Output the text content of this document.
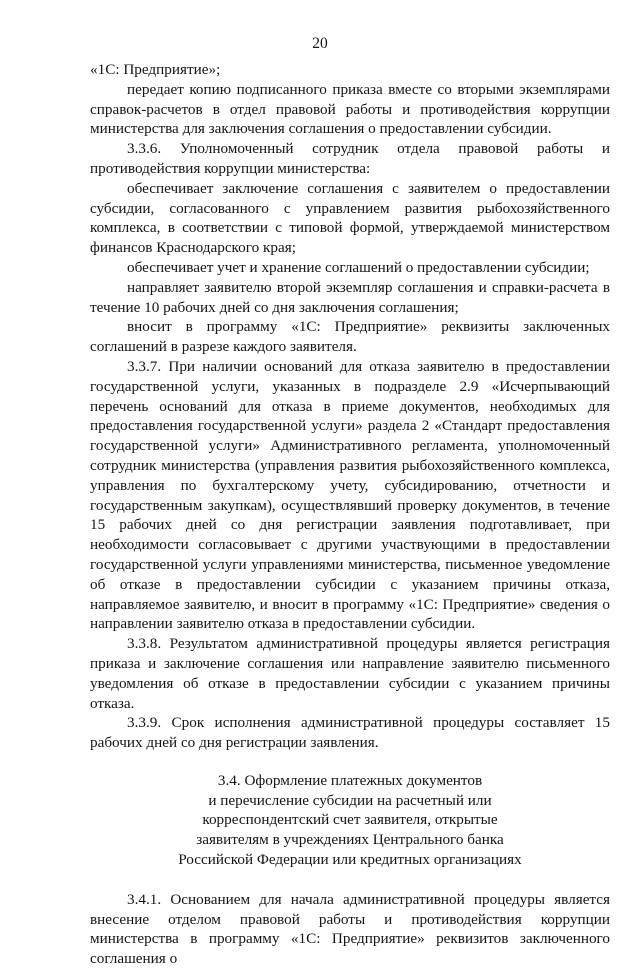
20

«1С: Предприятие»;

передает копию подписанного приказа вместе со вторыми экземплярами справок-расчетов в отдел правовой работы и противодействия коррупции министерства для заключения соглашения о предоставлении субсидии.

3.3.6. Уполномоченный сотрудник отдела правовой работы и противодействия коррупции министерства:

обеспечивает заключение соглашения с заявителем о предоставлении субсидии, согласованного с управлением развития рыбохозяйственного комплекса, в соответствии с типовой формой, утверждаемой министерством финансов Краснодарского края;

обеспечивает учет и хранение соглашений о предоставлении субсидии;

направляет заявителю второй экземпляр соглашения и справки-расчета в течение 10 рабочих дней со дня заключения соглашения;

вносит в программу «1С: Предприятие» реквизиты заключенных соглашений в разрезе каждого заявителя.

3.3.7. При наличии оснований для отказа заявителю в предоставлении государственной услуги, указанных в подразделе 2.9 «Исчерпывающий перечень оснований для отказа в приеме документов, необходимых для предоставления государственной услуги» раздела 2 «Стандарт предоставления государственной услуги» Административного регламента, уполномоченный сотрудник министерства (управления развития рыбохозяйственного комплекса, управления по бухгалтерскому учету, субсидированию, отчетности и государственным закупкам), осуществлявший проверку документов, в течение 15 рабочих дней со дня регистрации заявления подготавливает, при необходимости согласовывает с другими участвующими в предоставлении государственной услуги управлениями министерства, письменное уведомление об отказе в предоставлении субсидии с указанием причины отказа, направляемое заявителю, и вносит в программу «1С: Предприятие» сведения о направлении заявителю отказа в предоставлении субсидии.

3.3.8. Результатом административной процедуры является регистрация приказа и заключение соглашения или направление заявителю письменного уведомления об отказе в предоставлении субсидии с указанием причины отказа.

3.3.9. Срок исполнения административной процедуры составляет 15 рабочих дней со дня регистрации заявления.

3.4. Оформление платежных документов
и перечисление субсидии на расчетный или
корреспондентский счет заявителя, открытые
заявителям в учреждениях Центрального банка
Российской Федерации или кредитных организациях

3.4.1. Основанием для начала административной процедуры является внесение отделом правовой работы и противодействия коррупции министерства в программу «1С: Предприятие» реквизитов заключенного соглашения о
